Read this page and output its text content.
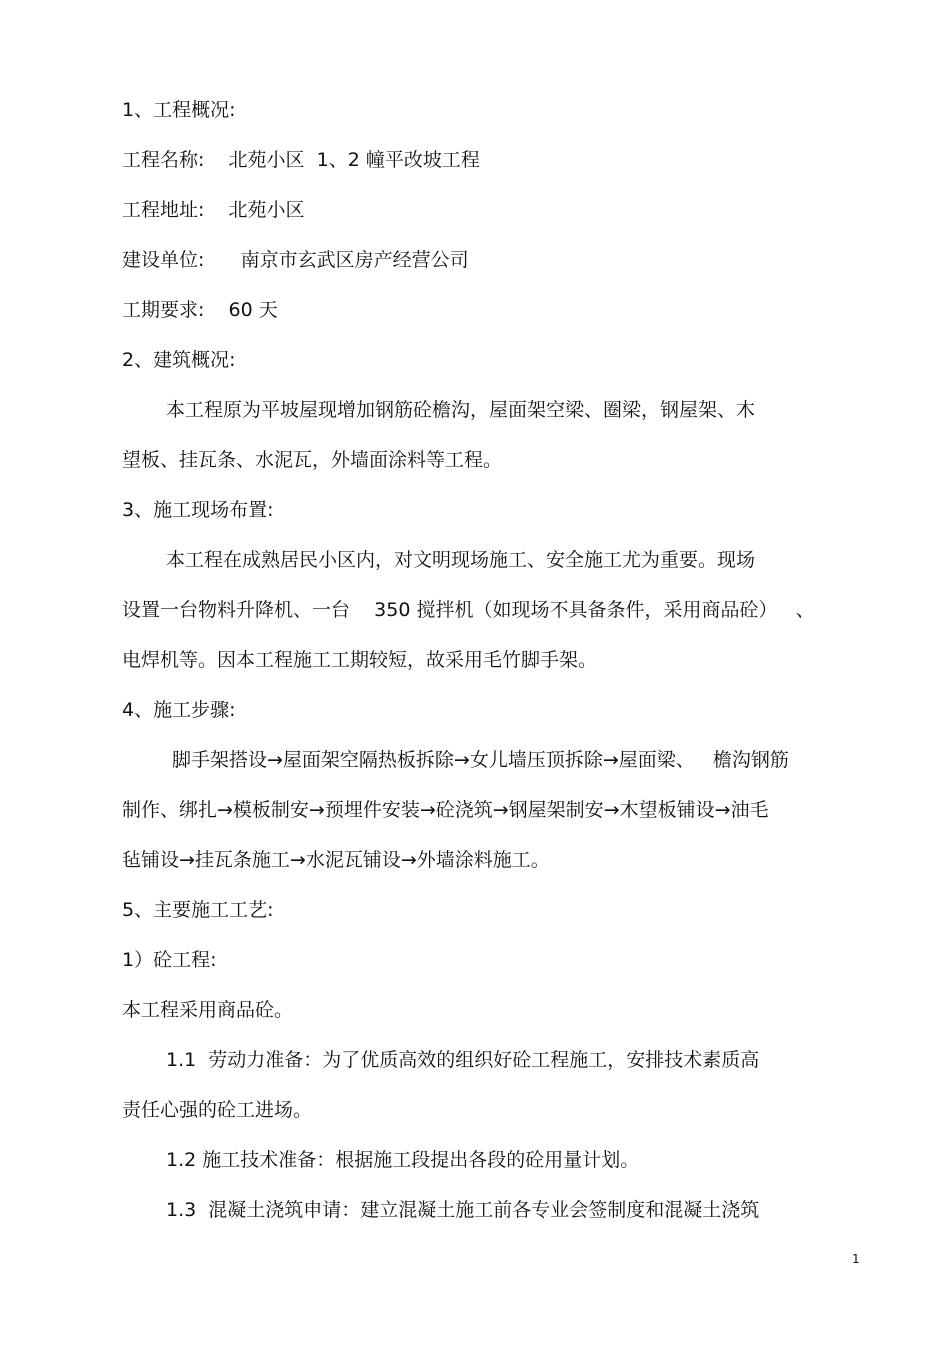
1、工程概况:
工程名称:    北苑小区  1、2 幢平改坡工程
工程地址:    北苑小区
建设单位:      南京市玄武区房产经营公司
工期要求:    60 天
2、建筑概况:
本工程原为平坡屋现增加钢筋砼檐沟，屋面架空梁、圈梁，钢屋架、木
望板、挂瓦条、水泥瓦，外墙面涂料等工程。
3、施工现场布置:
本工程在成熟居民小区内，对文明现场施工、安全施工尤为重要。现场
设置一台物料升降机、一台    350 搅拌机（如现场不具备条件，采用商品砼）   、
电焊机等。因本工程施工工期较短，故采用毛竹脚手架。
4、施工步骤:
脚手架搭设→屋面架空隔热板拆除→女儿墙压顶拆除→屋面梁、   檐沟钢筋
制作、绑扎→模板制安→预埋件安装→砼浇筑→钢屋架制安→木望板铺设→油毛
毡铺设→挂瓦条施工→水泥瓦铺设→外墙涂料施工。
5、主要施工工艺:
1）砼工程:
本工程采用商品砼。
1.1  劳动力准备：为了优质高效的组织好砼工程施工，安排技术素质高
责任心强的砼工进场。
1.2 施工技术准备：根据施工段提出各段的砼用量计划。
1.3  混凝土浇筑申请：建立混凝土施工前各专业会签制度和混凝土浇筑
1
